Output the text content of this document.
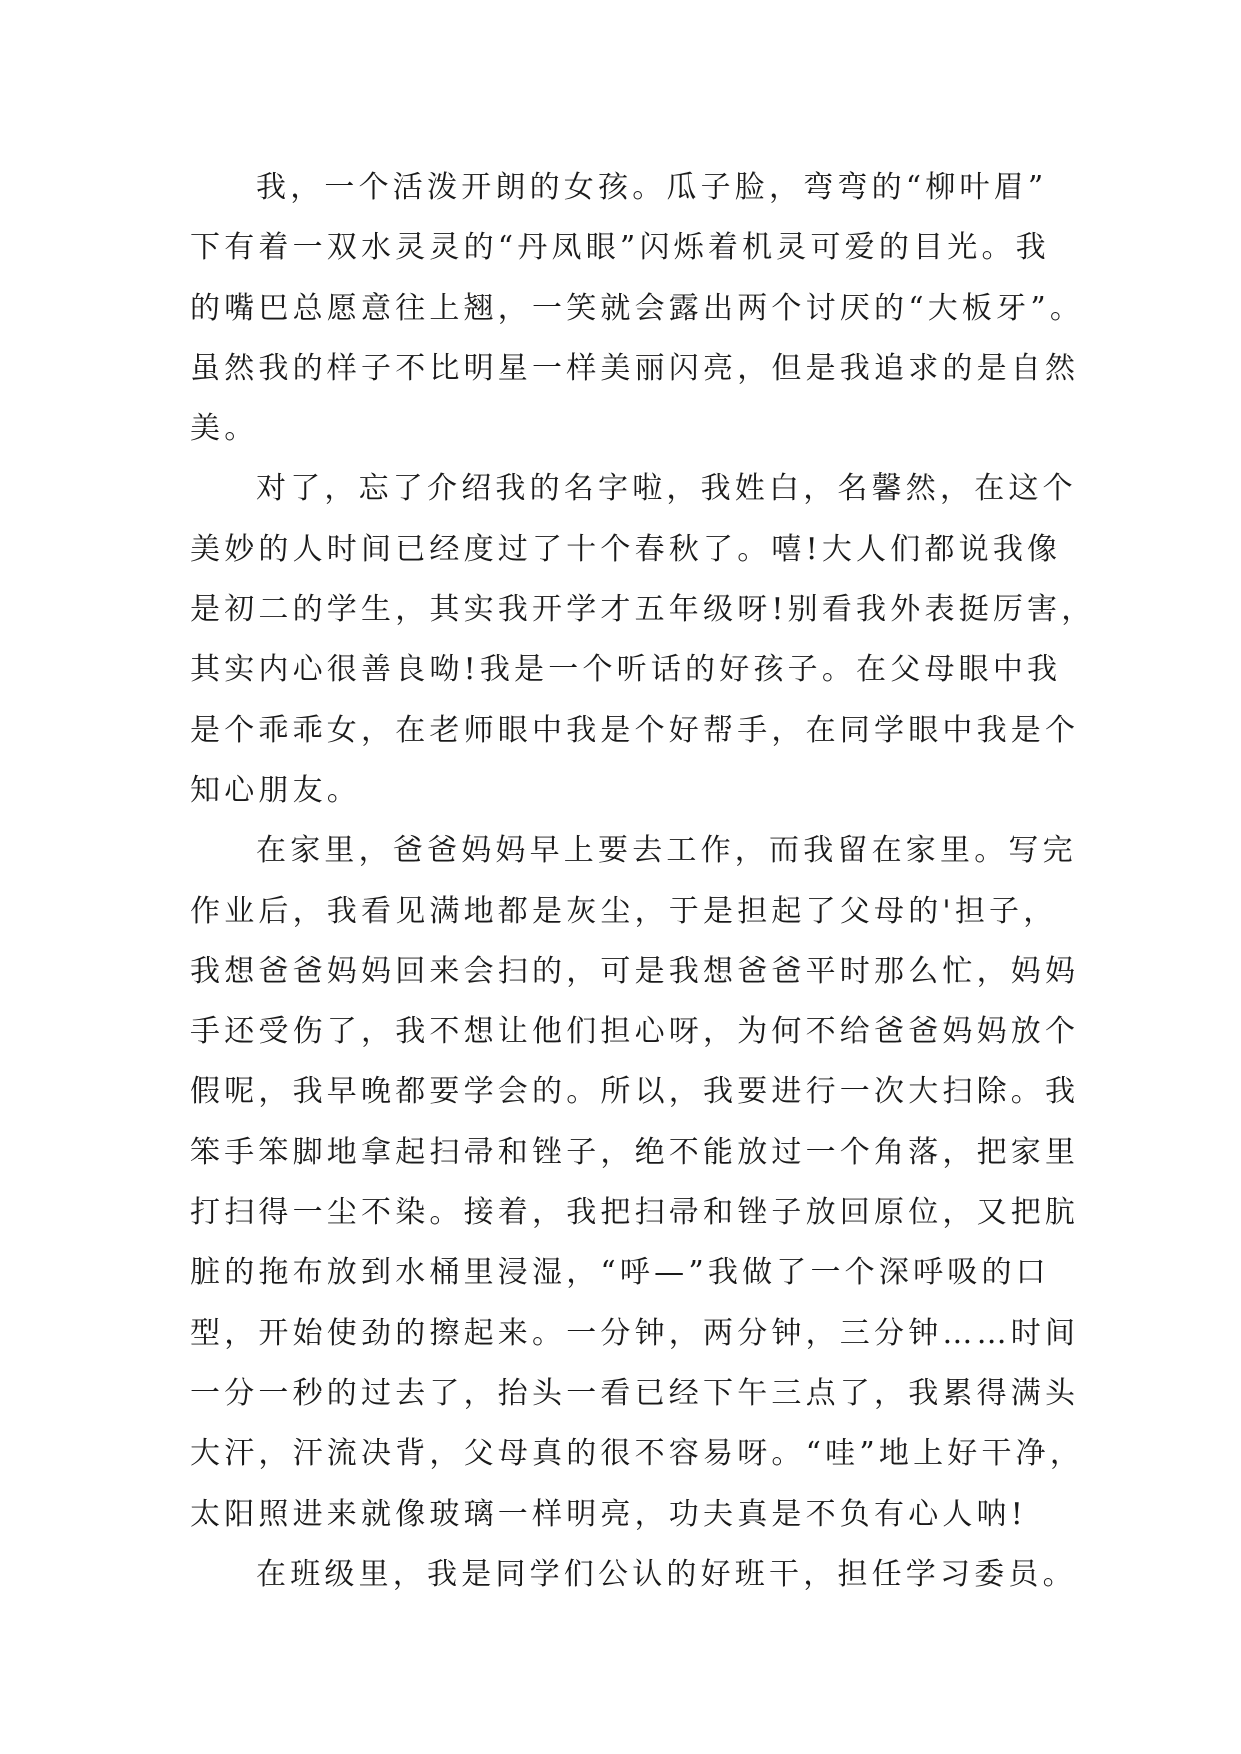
我，一个活泼开朗的女孩。瓜子脸，弯弯的“柳叶眉”
下有着一双水灵灵的“丹凤眼”闪烁着机灵可爱的目光。我
的嘴巴总愿意往上翘，一笑就会露出两个讨厌的“大板牙”。
虽然我的样子不比明星一样美丽闪亮，但是我追求的是自然
美。
对了，忘了介绍我的名字啦，我姓白，名馨然，在这个
美妙的人时间已经度过了十个春秋了。嘻!大人们都说我像
是初二的学生，其实我开学才五年级呀!别看我外表挺厉害，
其实内心很善良呦!我是一个听话的好孩子。在父母眼中我
是个乖乖女，在老师眼中我是个好帮手，在同学眼中我是个
知心朋友。
在家里，爸爸妈妈早上要去工作，而我留在家里。写完
作业后，我看见满地都是灰尘，于是担起了父母的'担子，
我想爸爸妈妈回来会扫的，可是我想爸爸平时那么忙，妈妈
手还受伤了，我不想让他们担心呀，为何不给爸爸妈妈放个
假呢，我早晚都要学会的。所以，我要进行一次大扫除。我
笨手笨脚地拿起扫帚和锉子，绝不能放过一个角落，把家里
打扫得一尘不染。接着，我把扫帚和锉子放回原位，又把肮
脏的拖布放到水桶里浸湿，“呼—”我做了一个深呼吸的口
型，开始使劲的擦起来。一分钟，两分钟，三分钟……时间
一分一秒的过去了，抬头一看已经下午三点了，我累得满头
大汗，汗流决背，父母真的很不容易呀。“哇”地上好干净，
太阳照进来就像玻璃一样明亮，功夫真是不负有心人呐!
在班级里，我是同学们公认的好班干，担任学习委员。
